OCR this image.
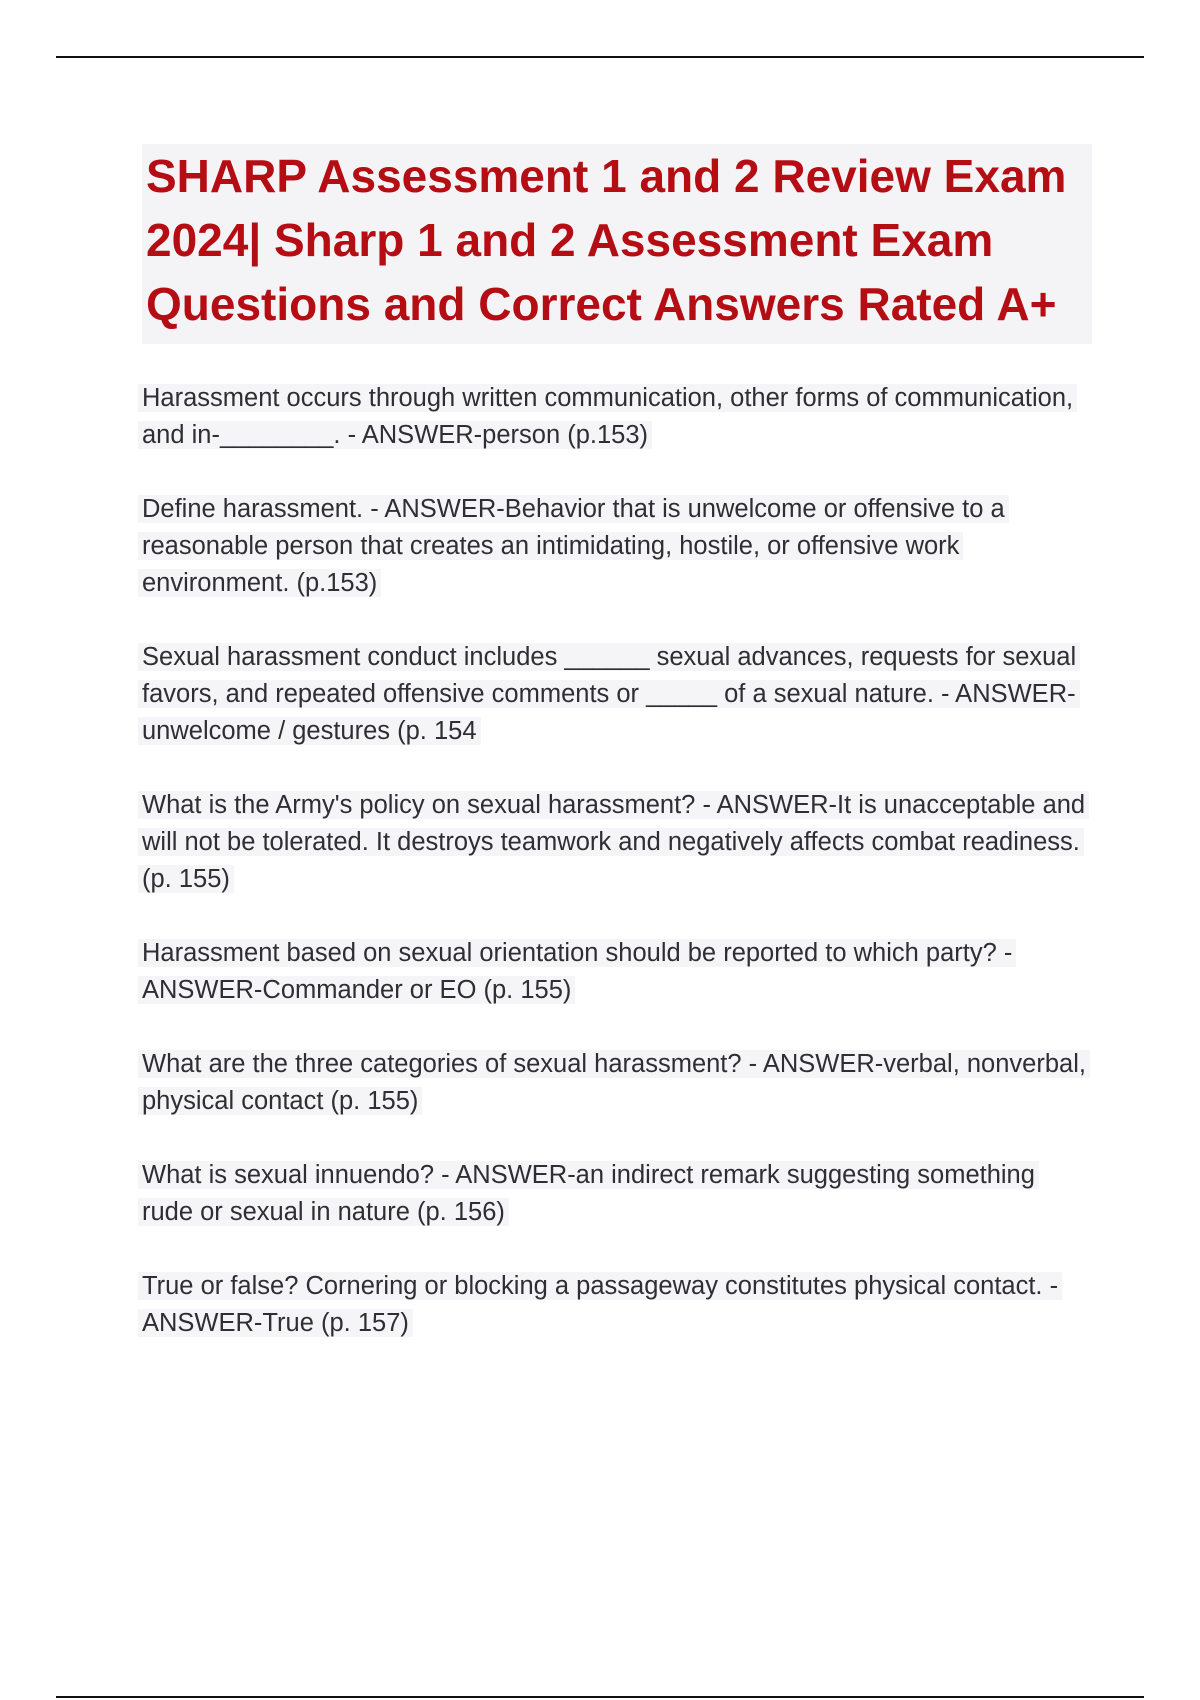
SHARP Assessment 1 and 2 Review Exam 2024| Sharp 1 and 2 Assessment Exam Questions and Correct Answers Rated A+
Harassment occurs through written communication, other forms of communication, and in-________. - ANSWER-person (p.153)
Define harassment. - ANSWER-Behavior that is unwelcome or offensive to a reasonable person that creates an intimidating, hostile, or offensive work environment. (p.153)
Sexual harassment conduct includes ______ sexual advances, requests for sexual favors, and repeated offensive comments or _____ of a sexual nature. - ANSWER-unwelcome / gestures (p. 154
What is the Army's policy on sexual harassment? - ANSWER-It is unacceptable and will not be tolerated. It destroys teamwork and negatively affects combat readiness. (p. 155)
Harassment based on sexual orientation should be reported to which party? - ANSWER-Commander or EO (p. 155)
What are the three categories of sexual harassment? - ANSWER-verbal, nonverbal, physical contact (p. 155)
What is sexual innuendo? - ANSWER-an indirect remark suggesting something rude or sexual in nature (p. 156)
True or false? Cornering or blocking a passageway constitutes physical contact. - ANSWER-True (p. 157)
